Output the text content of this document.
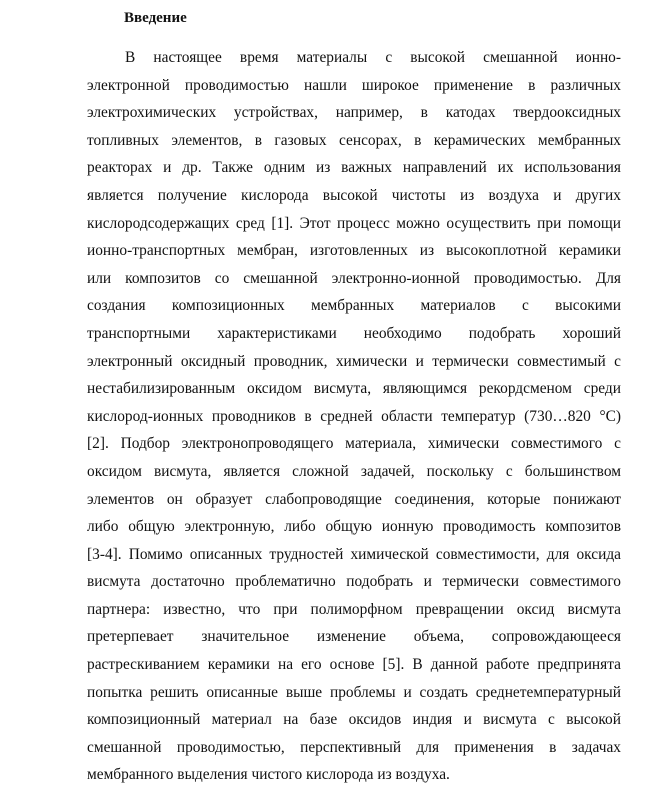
Введение
В настоящее время материалы с высокой смешанной ионно-
электронной проводимостью нашли широкое применение в различных
электрохимических устройствах, например, в катодах твердооксидных
топливных элементов, в газовых сенсорах, в керамических мембранных
реакторах и др. Также одним из важных направлений их использования
является получение кислорода высокой чистоты из воздуха и других
кислородсодержащих сред [1]. Этот процесс можно осуществить при помощи
ионно-транспортных мембран, изготовленных из высокоплотной керамики
или композитов со смешанной электронно-ионной проводимостью. Для
создания композиционных мембранных материалов с высокими
транспортными характеристиками необходимо подобрать хороший
электронный оксидный проводник, химически и термически совместимый с
нестабилизированным оксидом висмута, являющимся рекордсменом среди
кислород-ионных проводников в средней области температур (730…820 °C)
[2]. Подбор электронопроводящего материала, химически совместимого с
оксидом висмута, является сложной задачей, поскольку с большинством
элементов он образует слабопроводящие соединения, которые понижают
либо общую электронную, либо общую ионную проводимость композитов
[3-4]. Помимо описанных трудностей химической совместимости, для оксида
висмута достаточно проблематично подобрать и термически совместимого
партнера: известно, что при полиморфном превращении оксид висмута
претерпевает значительное изменение объема, сопровождающееся
растрескиванием керамики на его основе [5]. В данной работе предпринята
попытка решить описанные выше проблемы и создать среднетемпературный
композиционный материал на базе оксидов индия и висмута с высокой
смешанной проводимостью, перспективный для применения в задачах
мембранного выделения чистого кислорода из воздуха.
